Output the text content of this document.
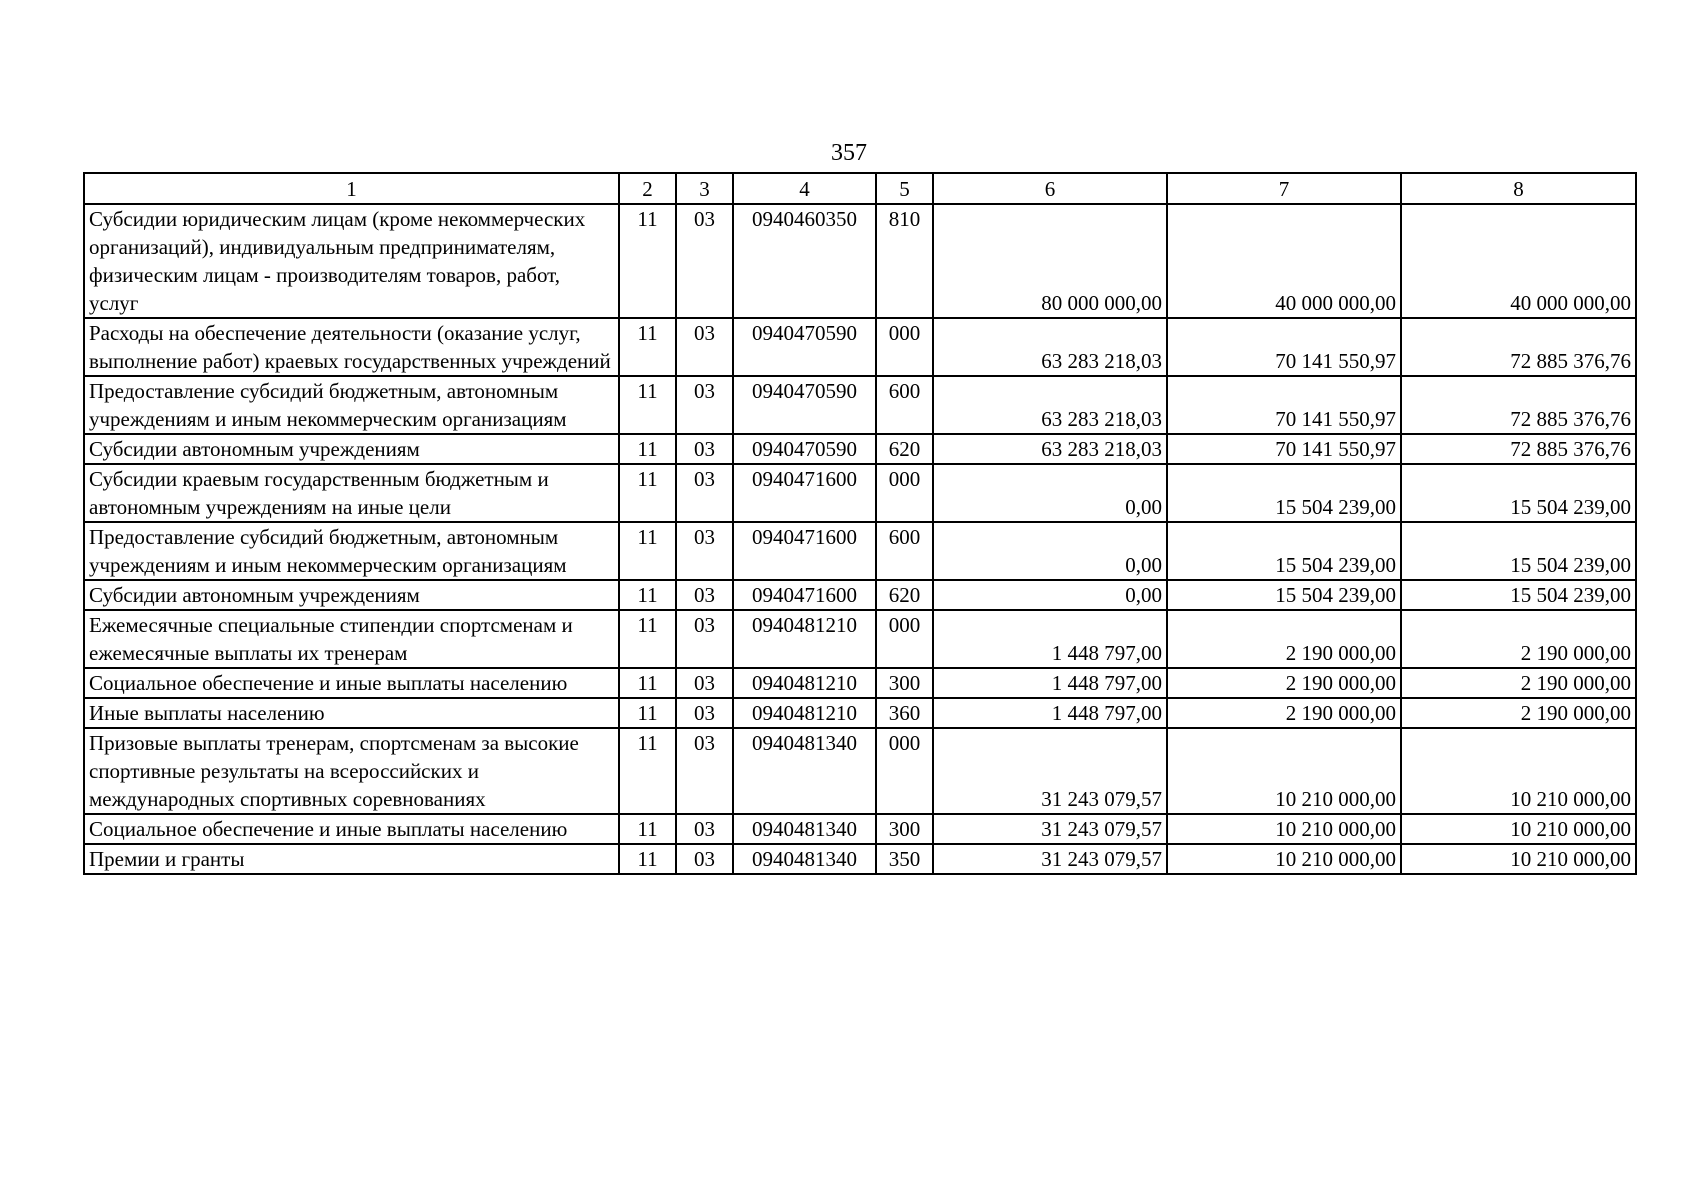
357
1	2	3	4	5	6	7	8
Субсидии юридическим лицам (кроме некоммерческих организаций), индивидуальным предпринимателям, физическим лицам - производителям товаров, работ, услуг	11	03	0940460350	810	80 000 000,00	40 000 000,00	40 000 000,00
Расходы на обеспечение деятельности (оказание услуг, выполнение работ) краевых государственных учреждений	11	03	0940470590	000	63 283 218,03	70 141 550,97	72 885 376,76
Предоставление субсидий бюджетным, автономным учреждениям и иным некоммерческим организациям	11	03	0940470590	600	63 283 218,03	70 141 550,97	72 885 376,76
Субсидии автономным учреждениям	11	03	0940470590	620	63 283 218,03	70 141 550,97	72 885 376,76
Субсидии краевым государственным бюджетным и автономным учреждениям на иные цели	11	03	0940471600	000	0,00	15 504 239,00	15 504 239,00
Предоставление субсидий бюджетным, автономным учреждениям и иным некоммерческим организациям	11	03	0940471600	600	0,00	15 504 239,00	15 504 239,00
Субсидии автономным учреждениям	11	03	0940471600	620	0,00	15 504 239,00	15 504 239,00
Ежемесячные специальные стипендии спортсменам и ежемесячные выплаты их тренерам	11	03	0940481210	000	1 448 797,00	2 190 000,00	2 190 000,00
Социальное обеспечение и иные выплаты населению	11	03	0940481210	300	1 448 797,00	2 190 000,00	2 190 000,00
Иные выплаты населению	11	03	0940481210	360	1 448 797,00	2 190 000,00	2 190 000,00
Призовые выплаты тренерам, спортсменам за высокие спортивные результаты на всероссийских и международных спортивных соревнованиях	11	03	0940481340	000	31 243 079,57	10 210 000,00	10 210 000,00
Социальное обеспечение и иные выплаты населению	11	03	0940481340	300	31 243 079,57	10 210 000,00	10 210 000,00
Премии и гранты	11	03	0940481340	350	31 243 079,57	10 210 000,00	10 210 000,00
